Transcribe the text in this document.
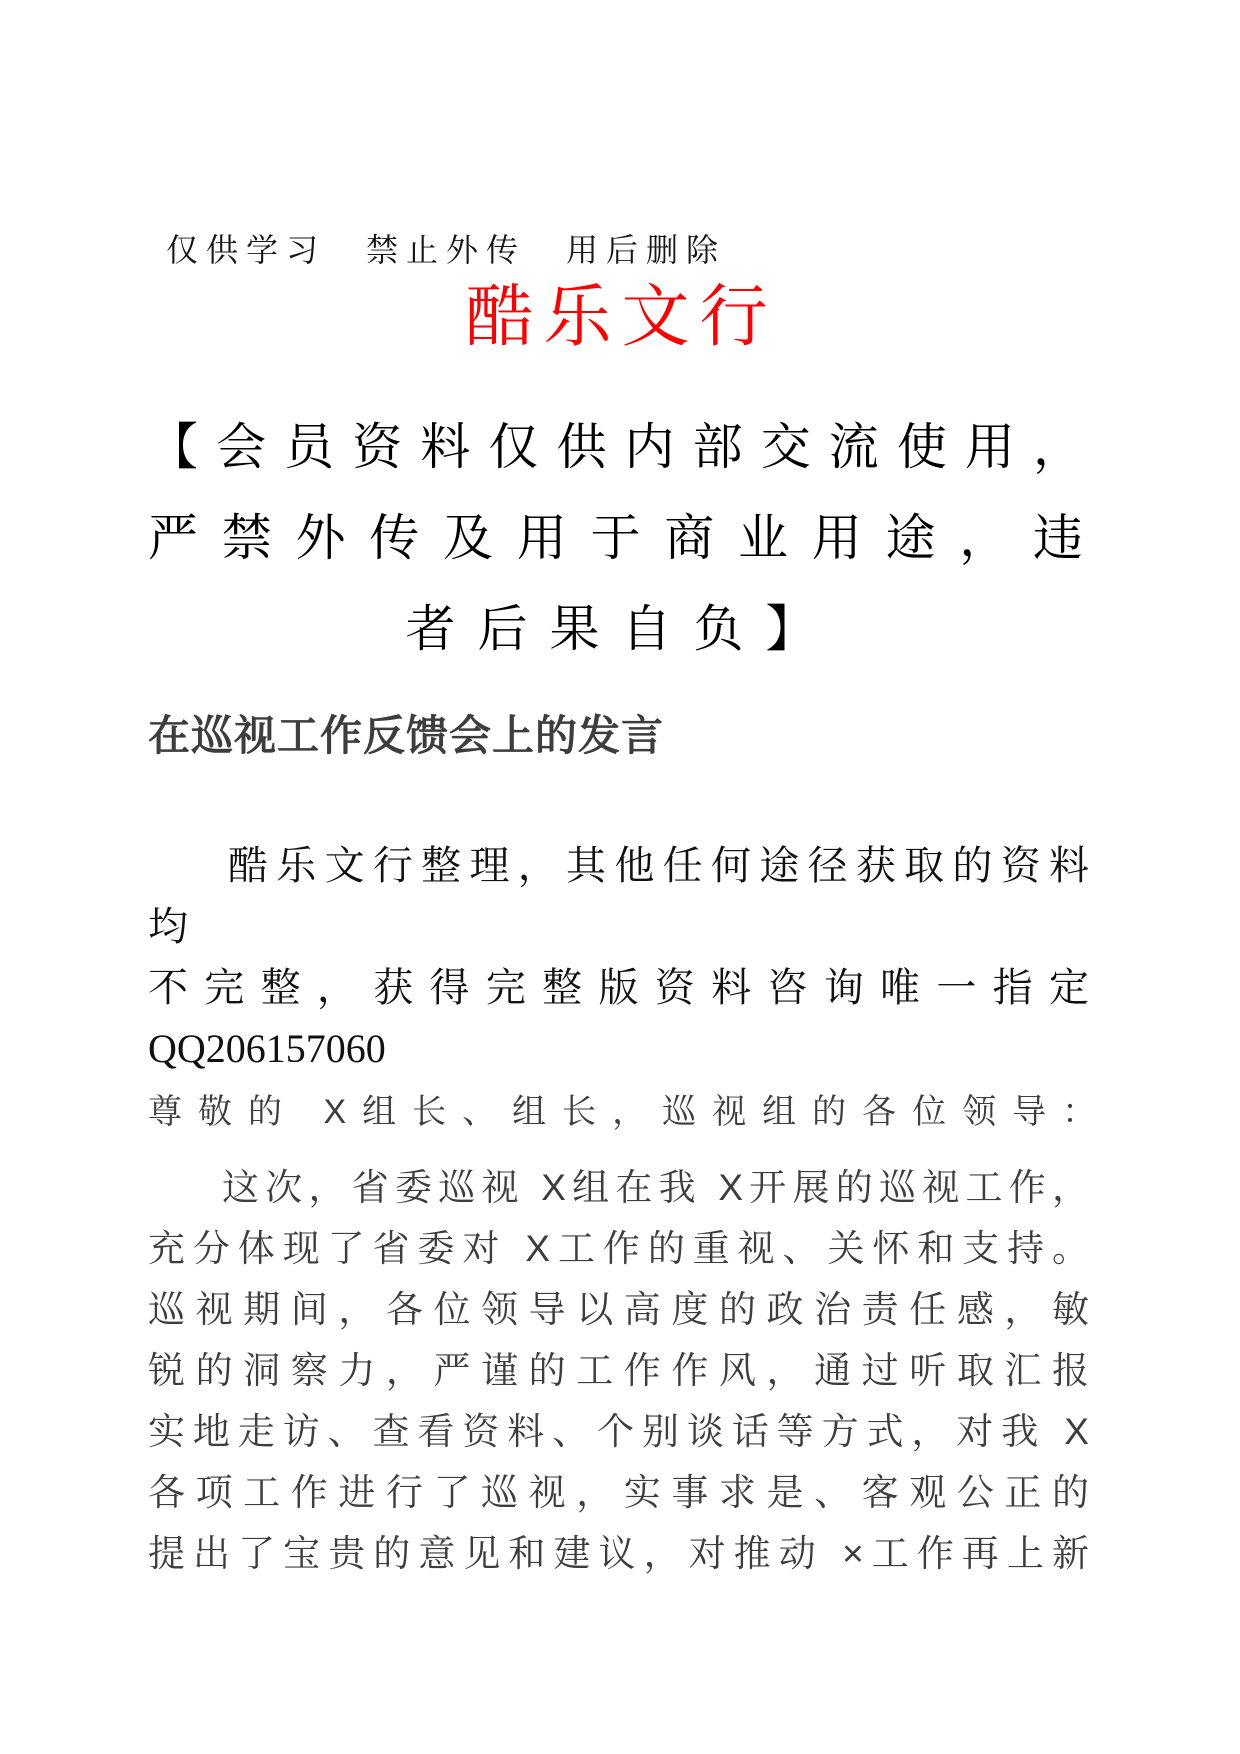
仅供学习　禁止外传　用后删除
酷乐文行
【会员资料仅供内部交流使用，
严禁外传及用于商业用途，违
者后果自负】
在巡视工作反馈会上的发言
酷乐文行整理，其他任何途径获取的资料均
不完整，获得完整版资料咨询唯一指定
QQ206157060
尊敬的 X组长、组长，巡视组的各位领导：
这次，省委巡视 X组在我 X开展的巡视工作，
充分体现了省委对 X工作的重视、关怀和支持。
巡视期间，各位领导以高度的政治责任感，敏
锐的洞察力，严谨的工作作风，通过听取汇报
实地走访、查看资料、个别谈话等方式，对我 X
各项工作进行了巡视，实事求是、客观公正的
提出了宝贵的意见和建议，对推动 ×工作再上新
